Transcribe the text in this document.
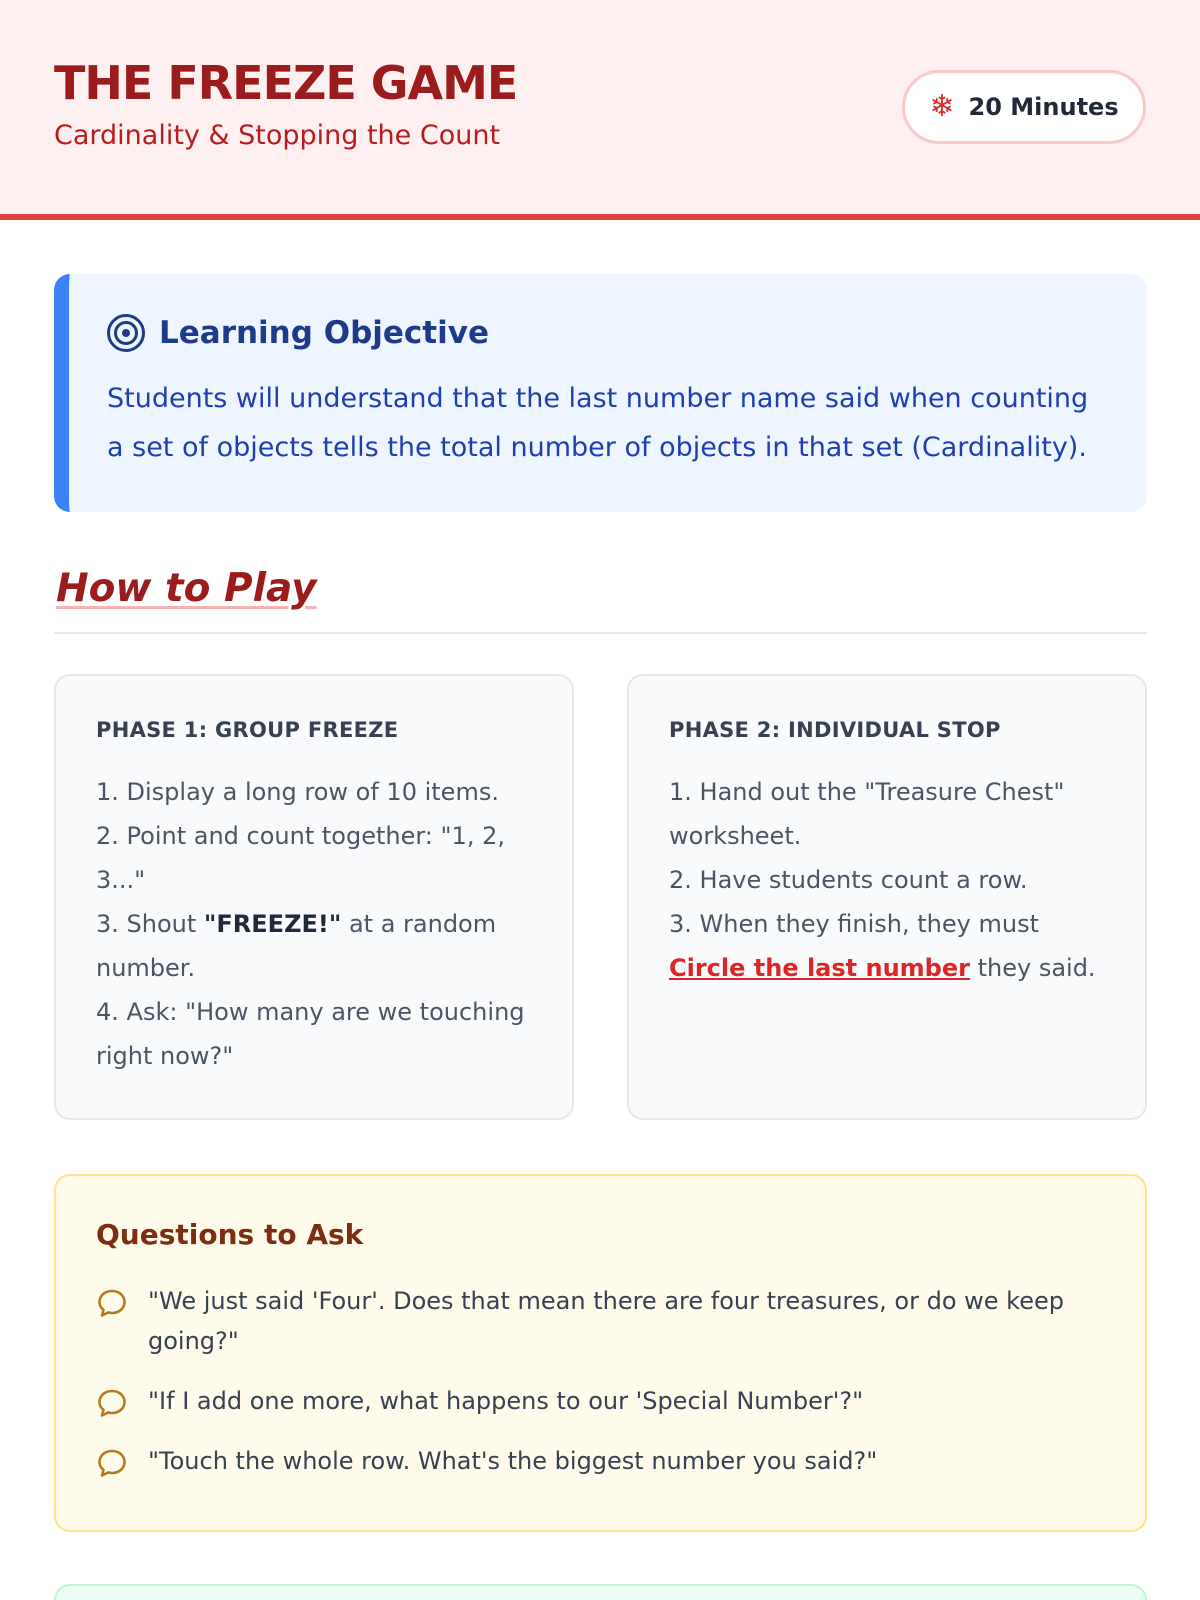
THE FREEZE GAME
Cardinality & Stopping the Count
❄ 20 Minutes
Learning Objective

Students will understand that the last number name said when counting a set of objects tells the total number of objects in that set (Cardinality).

How to Play
PHASE 1: GROUP FREEZE
1. Display a long row of 10 items.
2. Point and count together: "1, 2, 3..."
3. Shout "FREEZE!" at a random number.
4. Ask: "How many are we touching right now?"
PHASE 2: INDIVIDUAL STOP
1. Hand out the "Treasure Chest" worksheet.
2. Have students count a row.
3. When they finish, they must Circle the last number they said.
Questions to Ask
"We just said 'Four'. Does that mean there are four treasures, or do we keep going?"
"If I add one more, what happens to our 'Special Number'?"
"Touch the whole row. What's the biggest number you said?"
